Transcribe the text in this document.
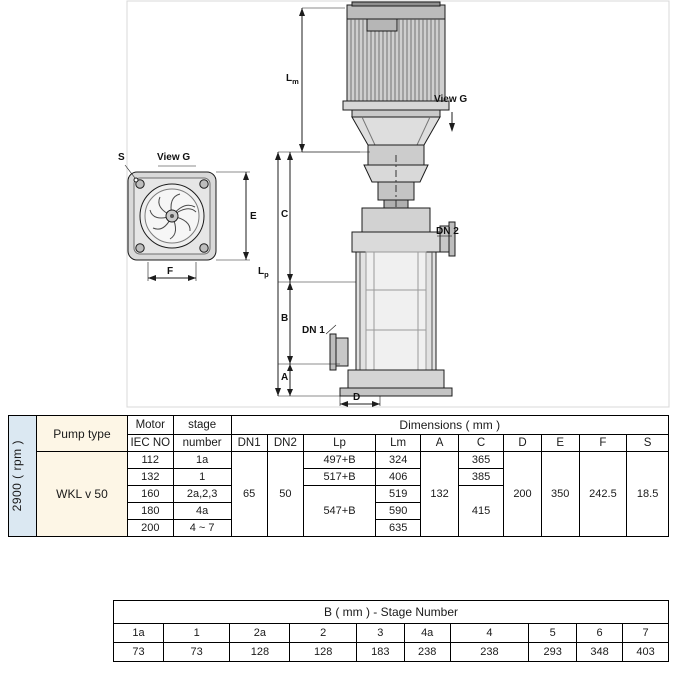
$L_m$
C
B
A
$L_p$
D
E
F
S
DN 1
DN 2
View G
View G
2900 ( rpm )	Pump type	Motor	stage	Dimensions ( mm )									
		IEC NO	number	DN1	DN2	Lp	Lm	A	C	D	E	F	S
	WKL v 50	112	1a	65	50	497+B	324	132	365	200	350	242.5	18.5
		132	1			517+B	406		385				
		160	2a,2,3			547+B	519		415				
		180	4a				590						
		200	4 ~ 7				635						
B ( mm ) - Stage Number									
1a	1	2a	2	3	4a	4	5	6	7
73	73	128	128	183	238	238	293	348	403
